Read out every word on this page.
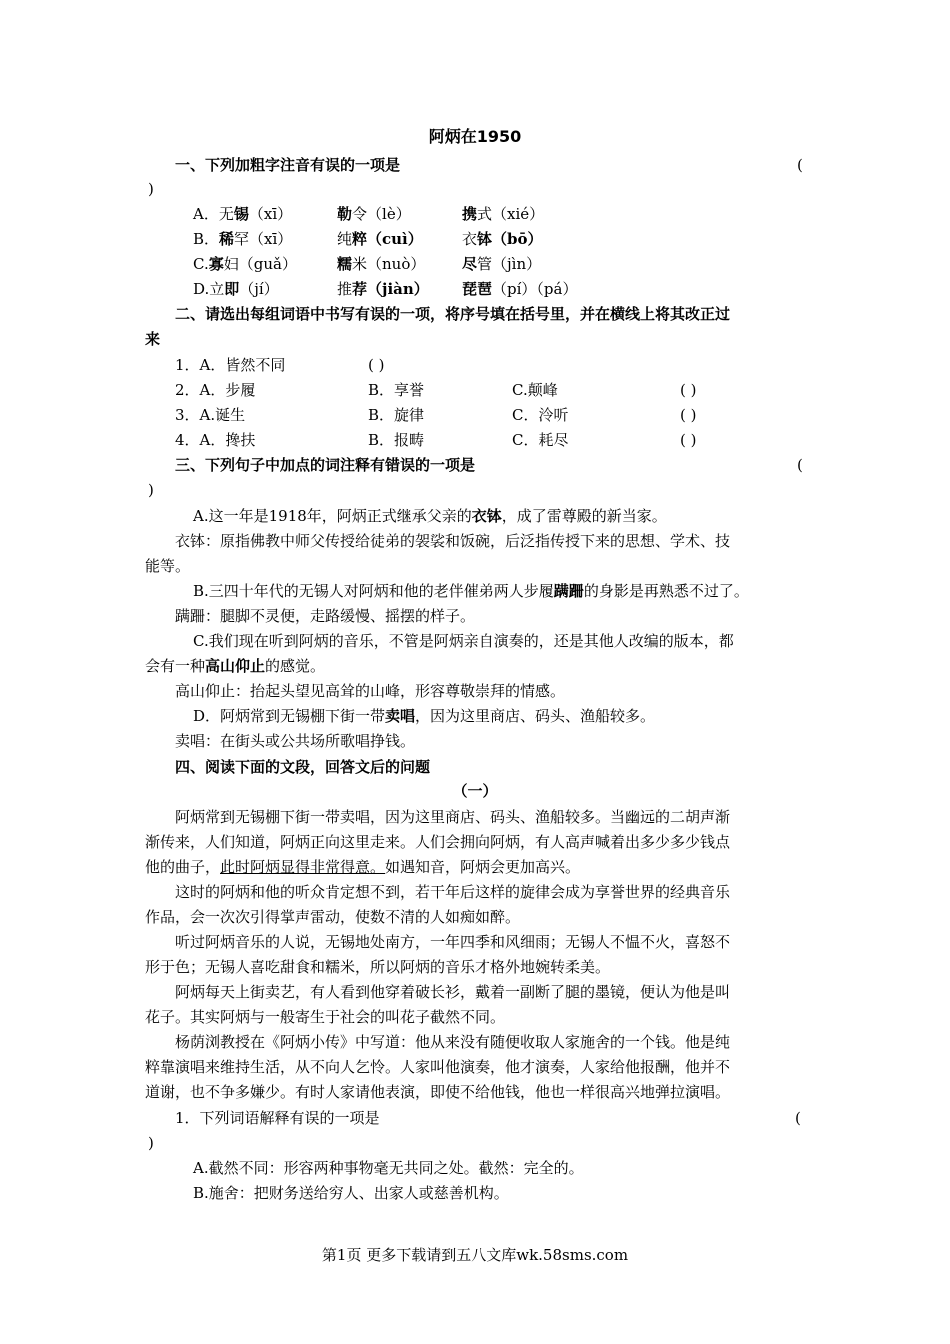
阿炳在1950
一、下列加粗字注音有误的一项是	(
)
A．无锡（xī）	勒令（lè）	携式（xié）
B．稀罕（xī）	纯粹（cuì）	衣钵（bō）
C.寡妇（guǎ）	糯米（nuò） 尽管（jìn）
D.立即（jí）	推荐（jiàn） 琵琶（pí）（pá）
二、请选出每组词语中书写有误的一项，将序号填在括号里，并在横线上将其改正过
来
1．A．皆然不同	( )
2．A．步履	B．享誉	C.颠峰	( )
3．A.诞生	B．旋律	C．泠听	( )
4．A．搀扶	B．报畴	C．耗尽	( )
三、下列句子中加点的词注释有错误的一项是	(
)
A.这一年是1918年，阿炳正式继承父亲的衣钵，成了雷尊殿的新当家。
衣钵：原指佛教中师父传授给徒弟的袈裟和饭碗，后泛指传授下来的思想、学术、技
能等。
B.三四十年代的无锡人对阿炳和他的老伴催弟两人步履蹒跚的身影是再熟悉不过了。
蹒跚：腿脚不灵便，走路缓慢、摇摆的样子。
C.我们现在听到阿炳的音乐，不管是阿炳亲自演奏的，还是其他人改编的版本，都
会有一种高山仰止的感觉。
高山仰止：抬起头望见高耸的山峰，形容尊敬崇拜的情感。
D．阿炳常到无锡棚下街一带卖唱，因为这里商店、码头、渔船较多。
卖唱：在街头或公共场所歌唱挣钱。
四、阅读下面的文段，回答文后的问题
（一）
阿炳常到无锡棚下街一带卖唱，因为这里商店、码头、渔船较多。当幽远的二胡声渐
渐传来，人们知道，阿炳正向这里走来。人们会拥向阿炳，有人高声喊着出多少多少钱点
他的曲子，此时阿炳显得非常得意。如遇知音，阿炳会更加高兴。
这时的阿炳和他的听众肯定想不到，若干年后这样的旋律会成为享誉世界的经典音乐
作品，会一次次引得掌声雷动，使数不清的人如痴如醉。
听过阿炳音乐的人说，无锡地处南方，一年四季和风细雨；无锡人不愠不火，喜怒不
形于色；无锡人喜吃甜食和糯米，所以阿炳的音乐才格外地婉转柔美。
阿炳每天上街卖艺，有人看到他穿着破长衫，戴着一副断了腿的墨镜，便认为他是叫
花子。其实阿炳与一般寄生于社会的叫花子截然不同。
杨荫浏教授在《阿炳小传》中写道：他从来没有随便收取人家施舍的一个钱。他是纯
粹靠演唱来维持生活，从不向人乞怜。人家叫他演奏，他才演奏，人家给他报酬，他并不
道谢，也不争多嫌少。有时人家请他表演，即使不给他钱，他也一样很高兴地弹拉演唱。
1．下列词语解释有误的一项是	(
)
A.截然不同：形容两种事物毫无共同之处。截然：完全的。
B.施舍：把财务送给穷人、出家人或慈善机构。
第1页 更多下载请到五八文库wk.58sms.com
